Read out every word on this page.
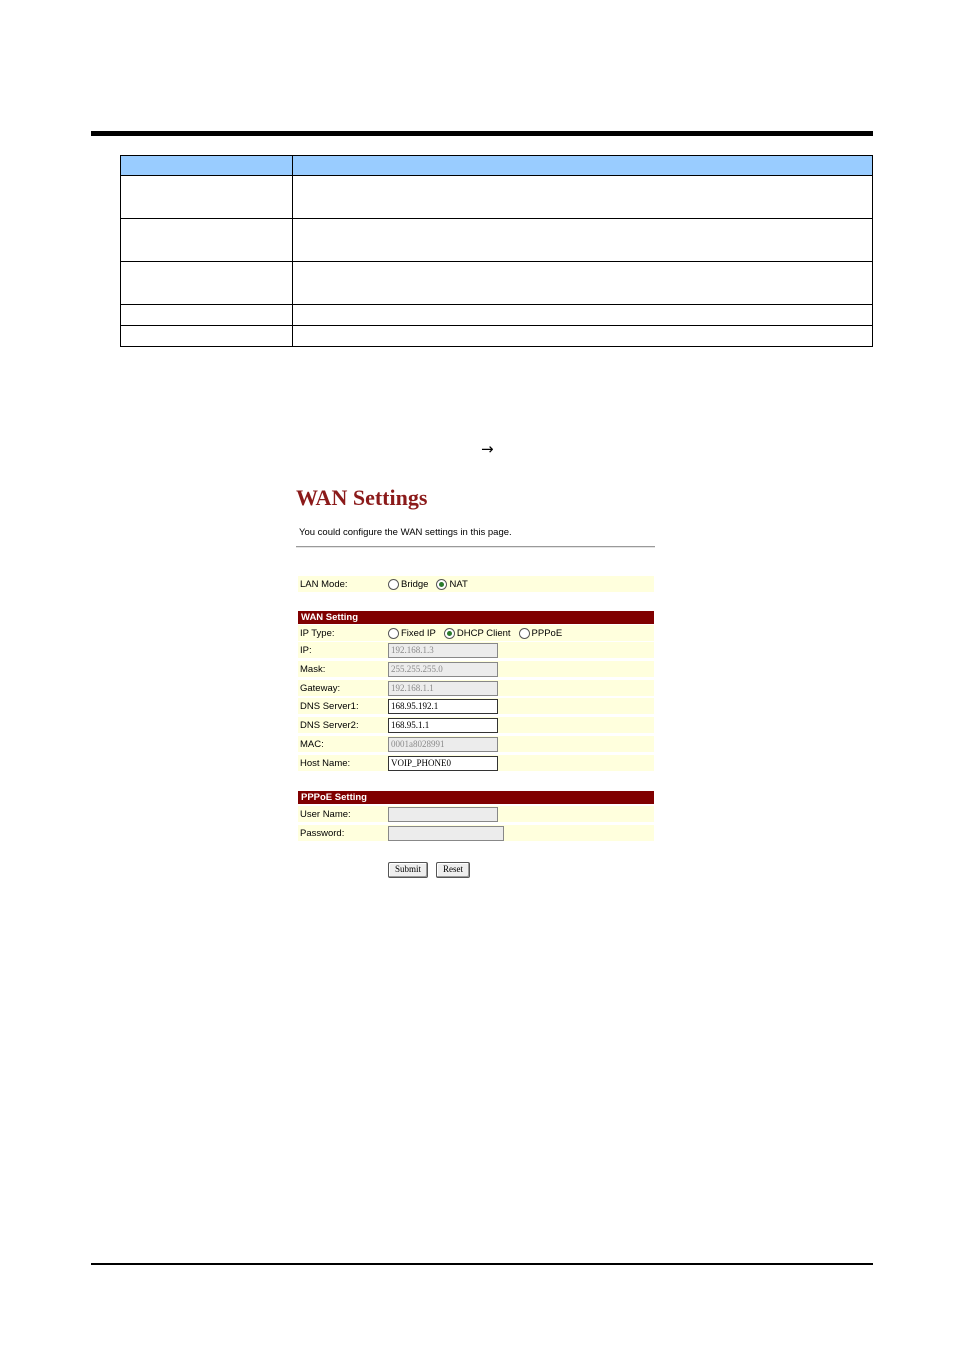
→
WAN Settings
You could configure the WAN settings in this page.
LAN Mode:	Bridge NAT
WAN Setting
IP Type:	Fixed IP DHCP Client PPPoE
IP:	192.168.1.3
Mask:	255.255.255.0
Gateway:	192.168.1.1
DNS Server1:	168.95.192.1
DNS Server2:	168.95.1.1
MAC:	0001a8028991
Host Name:	VOIP_PHONE0
PPPoE Setting
User Name:
Password:
Submit	Reset
